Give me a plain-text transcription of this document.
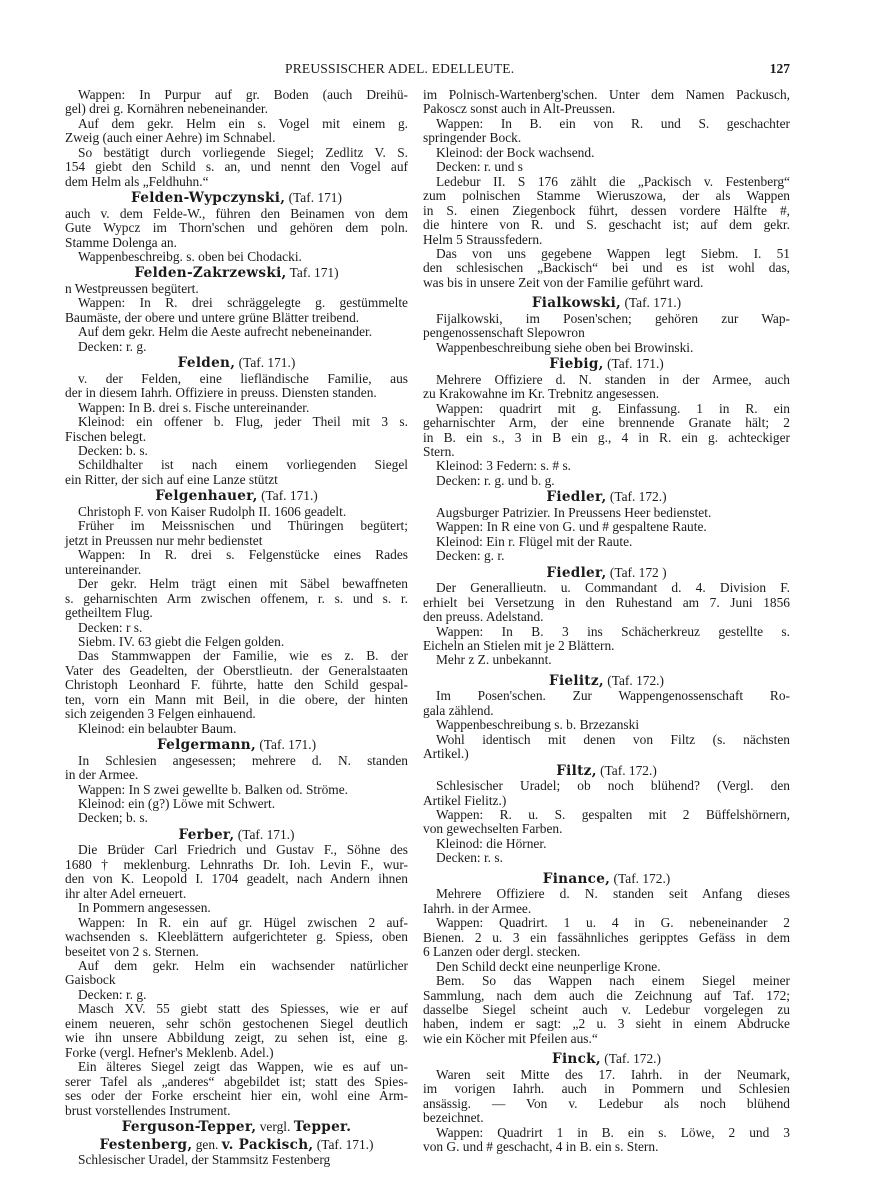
PREUSSISCHER ADEL. EDELLEUTE.	127
Wappen: In Purpur auf gr. Boden (auch Dreihü-
gel) drei g. Kornähren nebeneinander.
Auf dem gekr. Helm ein s. Vogel mit einem g.
Zweig (auch einer Aehre) im Schnabel.
So bestätigt durch vorliegende Siegel; Zedlitz V. S.
154 giebt den Schild s. an, und nennt den Vogel auf
dem Helm als „Feldhuhn.“
Felden-Wypczynski, (Taf. 171)
auch v. dem Felde-W., führen den Beinamen von dem
Gute Wypcz im Thorn'schen und gehören dem poln.
Stamme Dolenga an.
Wappenbeschreibg. s. oben bei Chodacki.
Felden-Zakrzewski, Taf. 171)
n Westpreussen begütert.
Wappen: In R. drei schräggelegte g. gestümmelte
Baumäste, der obere und untere grüne Blätter treibend.
Auf dem gekr. Helm die Aeste aufrecht nebeneinander.
Decken: r. g.
Felden, (Taf. 171.)
v. der Felden, eine liefländische Familie, aus
der in diesem Iahrh. Offiziere in preuss. Diensten standen.
Wappen: In B. drei s. Fische untereinander.
Kleinod: ein offener b. Flug, jeder Theil mit 3 s.
Fischen belegt.
Decken: b. s.
Schildhalter ist nach einem vorliegenden Siegel
ein Ritter, der sich auf eine Lanze stützt
Felgenhauer, (Taf. 171.)
Christoph F. von Kaiser Rudolph II. 1606 geadelt.
Früher im Meissnischen und Thüringen begütert;
jetzt in Preussen nur mehr bedienstet
Wappen: In R. drei s. Felgenstücke eines Rades
untereinander.
Der gekr. Helm trägt einen mit Säbel bewaffneten
s. geharnischten Arm zwischen offenem, r. s. und s. r.
getheiltem Flug.
Decken: r s.
Siebm. IV. 63 giebt die Felgen golden.
Das Stammwappen der Familie, wie es z. B. der
Vater des Geadelten, der Oberstlieutn. der Generalstaaten
Christoph Leonhard F. führte, hatte den Schild gespal-
ten, vorn ein Mann mit Beil, in die obere, der hinten
sich zeigenden 3 Felgen einhauend.
Kleinod: ein belaubter Baum.
Felgermann, (Taf. 171.)
In Schlesien angesessen; mehrere d. N. standen
in der Armee.
Wappen: In S zwei gewellte b. Balken od. Ströme.
Kleinod: ein (g?) Löwe mit Schwert.
Decken; b. s.
Ferber, (Taf. 171.)
Die Brüder Carl Friedrich und Gustav F., Söhne des
1680 † meklenburg. Lehnraths Dr. Ioh. Levin F., wur-
den von K. Leopold I. 1704 geadelt, nach Andern ihnen
ihr alter Adel erneuert.
In Pommern angesessen.
Wappen: In R. ein auf gr. Hügel zwischen 2 auf-
wachsenden s. Kleeblättern aufgerichteter g. Spiess, oben
beseitet von 2 s. Sternen.
Auf dem gekr. Helm ein wachsender natürlicher
Gaisbock
Decken: r. g.
Masch XV. 55 giebt statt des Spiesses, wie er auf
einem neueren, sehr schön gestochenen Siegel deutlich
wie ihn unsere Abbildung zeigt, zu sehen ist, eine g.
Forke (vergl. Hefner's Meklenb. Adel.)
Ein älteres Siegel zeigt das Wappen, wie es auf un-
serer Tafel als „anderes“ abgebildet ist; statt des Spies-
ses oder der Forke erscheint hier ein, wohl eine Arm-
brust vorstellendes Instrument.
Ferguson-Tepper, vergl. Tepper.
Festenberg, gen. v. Packisch, (Taf. 171.)
Schlesischer Uradel, der Stammsitz Festenberg
im Polnisch-Wartenberg'schen. Unter dem Namen Packusch,
Pakoscz sonst auch in Alt-Preussen.
Wappen: In B. ein von R. und S. geschachter
springender Bock.
Kleinod: der Bock wachsend.
Decken: r. und s
Ledebur II. S 176 zählt die „Packisch v. Festenberg“
zum polnischen Stamme Wieruszowa, der als Wappen
in S. einen Ziegenbock führt, dessen vordere Hälfte #,
die hintere von R. und S. geschacht ist; auf dem gekr.
Helm 5 Straussfedern.
Das von uns gegebene Wappen legt Siebm. I. 51
den schlesischen „Backisch“ bei und es ist wohl das,
was bis in unsere Zeit von der Familie geführt ward.
Fialkowski, (Taf. 171.)
Fijalkowski, im Posen'schen; gehören zur Wap-
pengenossenschaft Slepowron
Wappenbeschreibung siehe oben bei Browinski.
Fiebig, (Taf. 171.)
Mehrere Offiziere d. N. standen in der Armee, auch
zu Krakowahne im Kr. Trebnitz angesessen.
Wappen: quadrirt mit g. Einfassung. 1 in R. ein
geharnischter Arm, der eine brennende Granate hält; 2
in B. ein s., 3 in B ein g., 4 in R. ein g. achteckiger
Stern.
Kleinod: 3 Federn: s. # s.
Decken: r. g. und b. g.
Fiedler, (Taf. 172.)
Augsburger Patrizier. In Preussens Heer bedienstet.
Wappen: In R eine von G. und # gespaltene Raute.
Kleinod: Ein r. Flügel mit der Raute.
Decken: g. r.
Fiedler, (Taf. 172 )
Der Generallieutn. u. Commandant d. 4. Division F.
erhielt bei Versetzung in den Ruhestand am 7. Juni 1856
den preuss. Adelstand.
Wappen: In B. 3 ins Schächerkreuz gestellte s.
Eicheln an Stielen mit je 2 Blättern.
Mehr z Z. unbekannt.
Fielitz, (Taf. 172.)
Im Posen'schen. Zur Wappengenossenschaft Ro-
gala zählend.
Wappenbeschreibung s. b. Brzezanski
Wohl identisch mit denen von Filtz (s. nächsten
Artikel.)
Filtz, (Taf. 172.)
Schlesischer Uradel; ob noch blühend? (Vergl. den
Artikel Fielitz.)
Wappen: R. u. S. gespalten mit 2 Büffelshörnern,
von gewechselten Farben.
Kleinod: die Hörner.
Decken: r. s.
Finance, (Taf. 172.)
Mehrere Offiziere d. N. standen seit Anfang dieses
Iahrh. in der Armee.
Wappen: Quadrirt. 1 u. 4 in G. nebeneinander 2
Bienen. 2 u. 3 ein fassähnliches geripptes Gefäss in dem
6 Lanzen oder dergl. stecken.
Den Schild deckt eine neunperlige Krone.
Bem. So das Wappen nach einem Siegel meiner
Sammlung, nach dem auch die Zeichnung auf Taf. 172;
dasselbe Siegel scheint auch v. Ledebur vorgelegen zu
haben, indem er sagt: „2 u. 3 sieht in einem Abdrucke
wie ein Köcher mit Pfeilen aus.“
Finck, (Taf. 172.)
Waren seit Mitte des 17. Iahrh. in der Neumark,
im vorigen Iahrh. auch in Pommern und Schlesien
ansässig. — Von v. Ledebur als noch blühend
bezeichnet.
Wappen: Quadrirt 1 in B. ein s. Löwe, 2 und 3
von G. und # geschacht, 4 in B. ein s. Stern.
